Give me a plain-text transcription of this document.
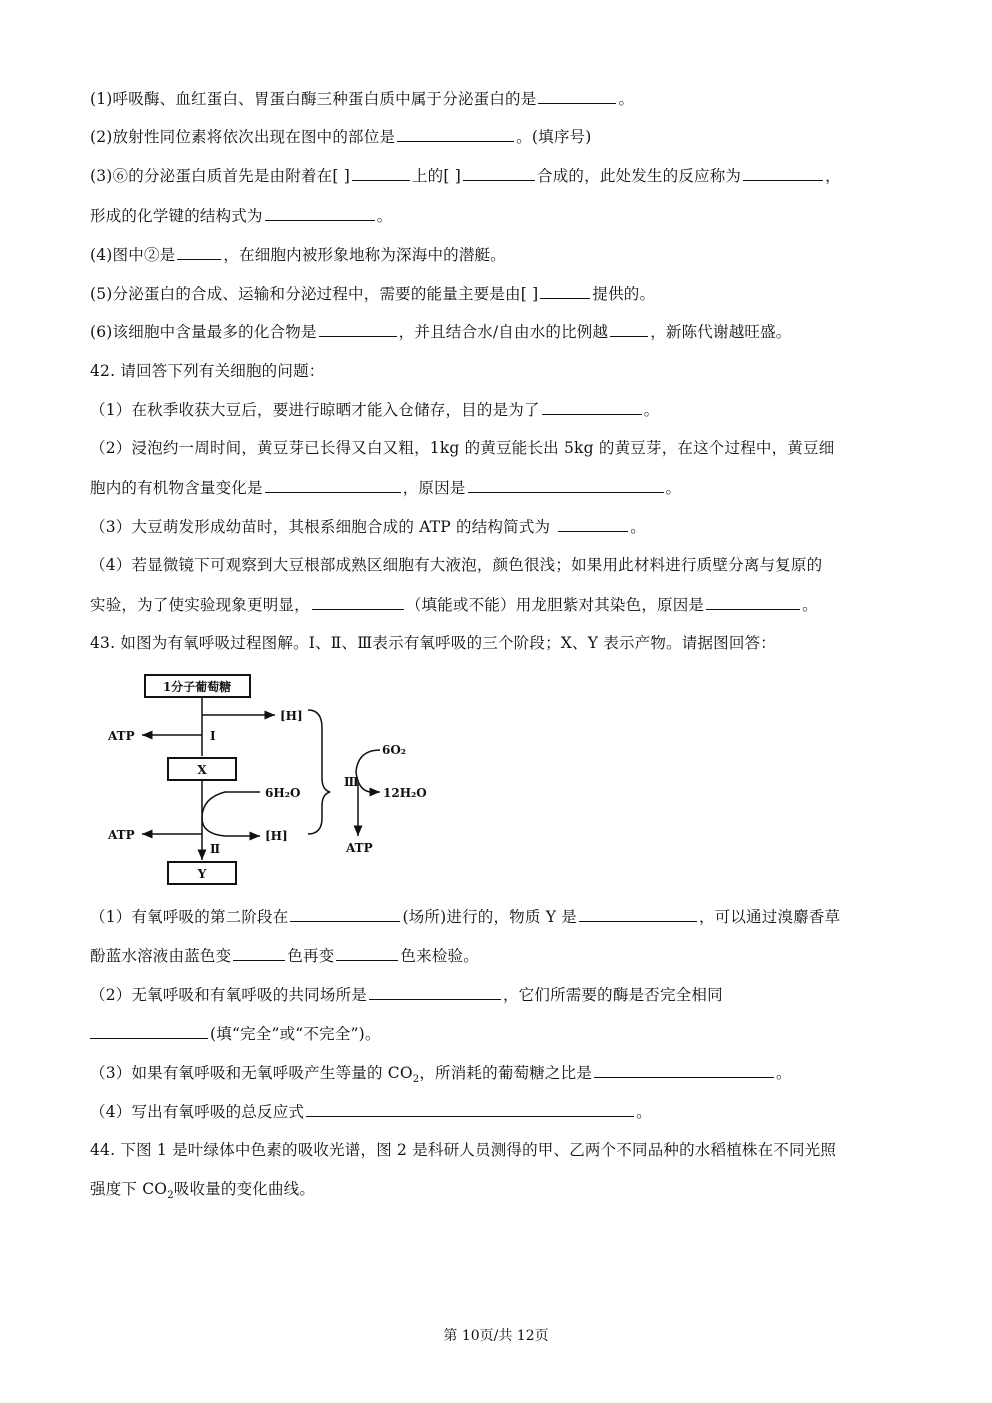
(1)呼吸酶、血红蛋白、胃蛋白酶三种蛋白质中属于分泌蛋白的是	。
(2)放射性同位素将依次出现在图中的部位是	。(填序号)
(3)⑥的分泌蛋白质首先是由附着在[ ]	上的[ ]	合成的，此处发生的反应称为	，
形成的化学键的结构式为	。
(4)图中②是	，在细胞内被形象地称为深海中的潜艇。
(5)分泌蛋白的合成、运输和分泌过程中，需要的能量主要是由[ ]	提供的。
(6)该细胞中含量最多的化合物是	，并且结合水/自由水的比例越	，新陈代谢越旺盛。
42. 请回答下列有关细胞的问题：
（1）在秋季收获大豆后，要进行晾晒才能入仓储存，目的是为了	。
（2）浸泡约一周时间，黄豆芽已长得又白又粗，1kg 的黄豆能长出 5kg 的黄豆芽，在这个过程中，黄豆细
胞内的有机物含量变化是	，原因是	。
（3）大豆萌发形成幼苗时，其根系细胞合成的 ATP 的结构简式为	。
（4）若显微镜下可观察到大豆根部成熟区细胞有大液泡，颜色很浅；如果用此材料进行质壁分离与复原的
实验，为了使实验现象更明显，	（填能或不能）用龙胆紫对其染色，原因是	。
43. 如图为有氧呼吸过程图解。Ⅰ、Ⅱ、Ⅲ表示有氧呼吸的三个阶段；X、Y 表示产物。请据图回答：
1分子葡萄糖
[H]
ATP	Ⅰ
X
6H₂O
[H]
ATP
Ⅱ
Y
6O₂
Ⅲ
12H₂O
ATP
（1）有氧呼吸的第二阶段在	(场所)进行的，物质 Y 是	，可以通过溴麝香草
酚蓝水溶液由蓝色变	色再变	色来检验。
（2）无氧呼吸和有氧呼吸的共同场所是	，它们所需要的酶是否完全相同
(填“完全”或“不完全”)。
（3）如果有氧呼吸和无氧呼吸产生等量的 $CO_2$，所消耗的葡萄糖之比是	。
（4）写出有氧呼吸的总反应式	。
44. 下图 1 是叶绿体中色素的吸收光谱，图 2 是科研人员测得的甲、乙两个不同品种的水稻植株在不同光照
强度下 $CO_2$吸收量的变化曲线。
第 10页/共 12页
